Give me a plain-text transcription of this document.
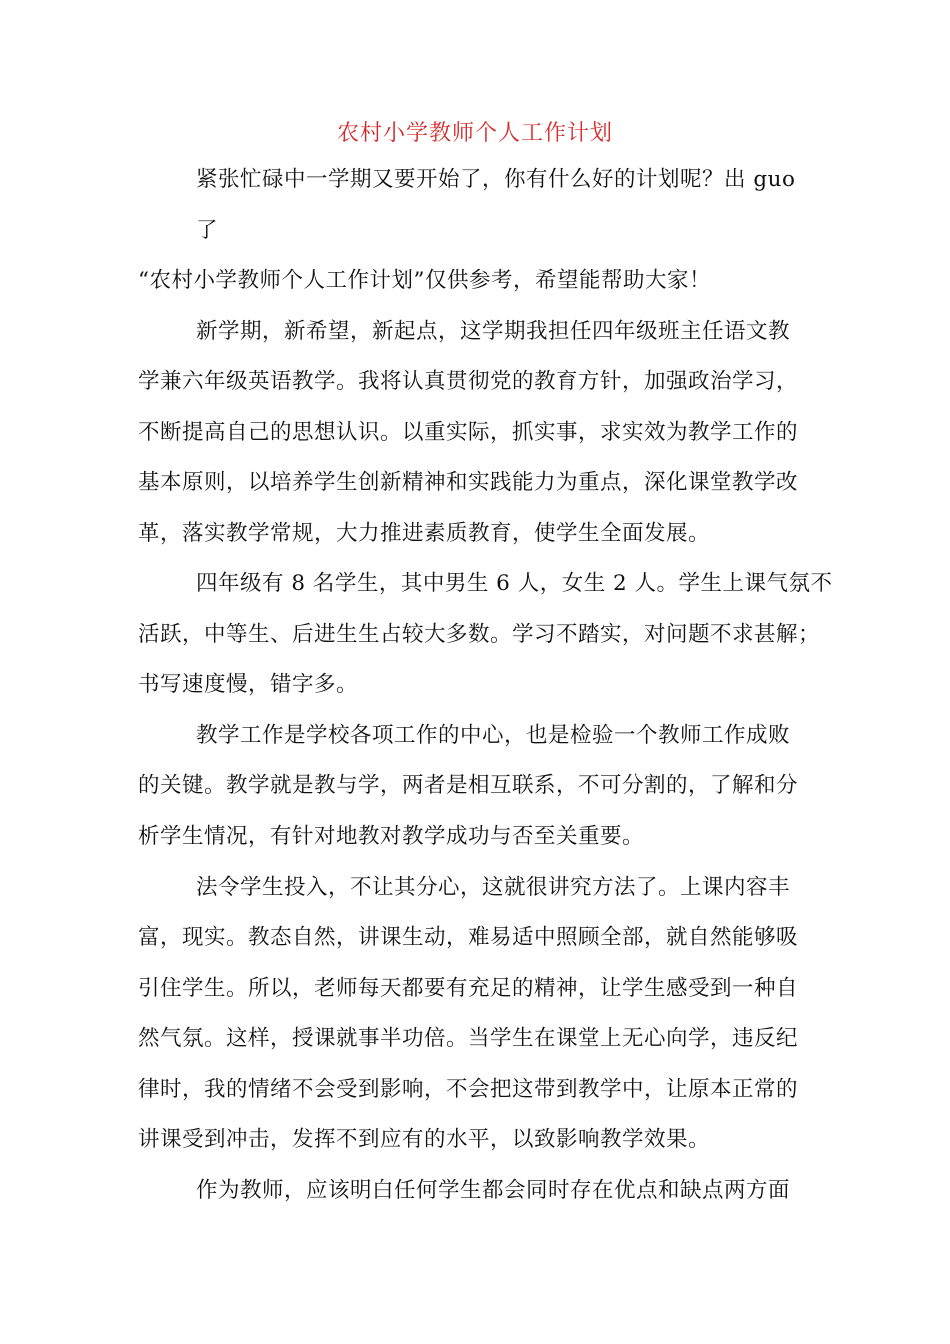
农村小学教师个人工作计划
紧张忙碌中一学期又要开始了，你有什么好的计划呢？出 guo
了
“农村小学教师个人工作计划”仅供参考，希望能帮助大家！
新学期，新希望，新起点，这学期我担任四年级班主任语文教
学兼六年级英语教学。我将认真贯彻党的教育方针，加强政治学习，
不断提高自己的思想认识。以重实际，抓实事，求实效为教学工作的
基本原则，以培养学生创新精神和实践能力为重点，深化课堂教学改
革，落实教学常规，大力推进素质教育，使学生全面发展。
四年级有 8 名学生，其中男生 6 人，女生 2 人。学生上课气氛不
活跃，中等生、后进生生占较大多数。学习不踏实，对问题不求甚解；
书写速度慢，错字多。
教学工作是学校各项工作的中心，也是检验一个教师工作成败
的关键。教学就是教与学，两者是相互联系，不可分割的，了解和分
析学生情况，有针对地教对教学成功与否至关重要。
法令学生投入，不让其分心，这就很讲究方法了。上课内容丰
富，现实。教态自然，讲课生动，难易适中照顾全部，就自然能够吸
引住学生。所以，老师每天都要有充足的精神，让学生感受到一种自
然气氛。这样，授课就事半功倍。当学生在课堂上无心向学，违反纪
律时，我的情绪不会受到影响，不会把这带到教学中，让原本正常的
讲课受到冲击，发挥不到应有的水平，以致影响教学效果。
作为教师，应该明白任何学生都会同时存在优点和缺点两方面
